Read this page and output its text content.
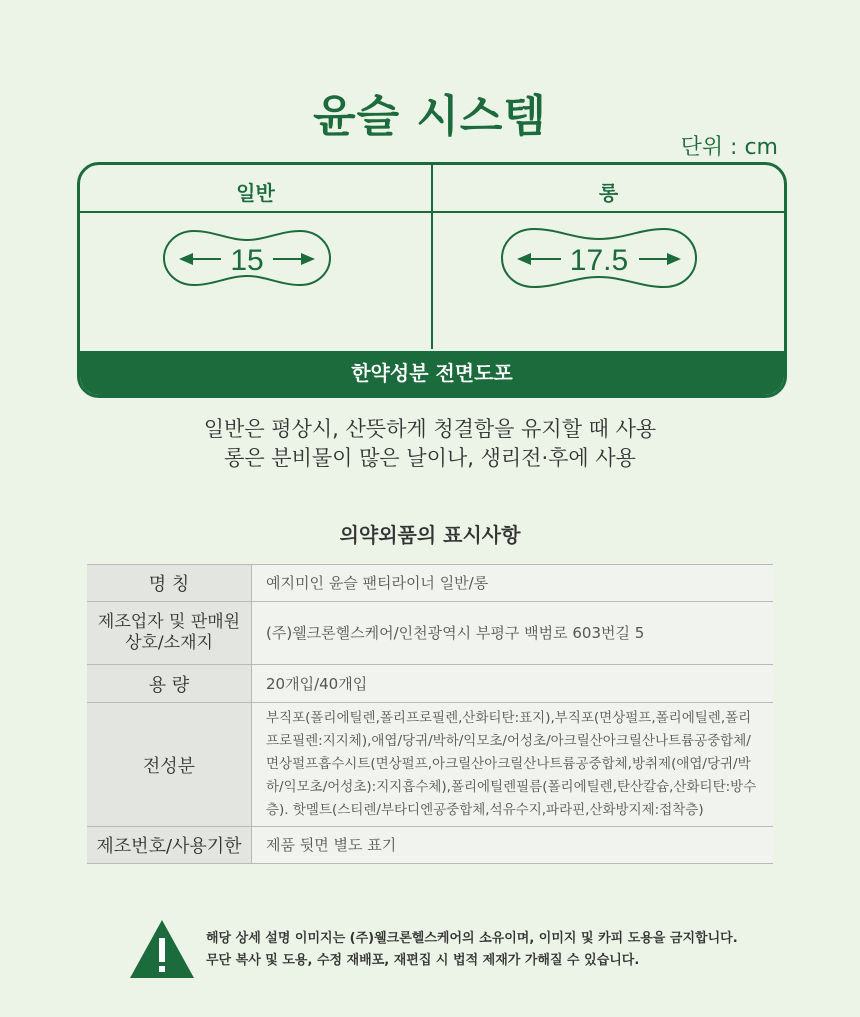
윤슬 시스템
단위 : cm
일반	롱
15	17.5
한약성분 전면도포
일반은 평상시, 산뜻하게 청결함을 유지할 때 사용
롱은 분비물이 많은 날이나, 생리전·후에 사용
의약외품의 표시사항
명 칭	예지미인 윤슬 팬티라이너 일반/롱
제조업자 및 판매원 상호/소재지	(주)웰크론헬스케어/인천광역시 부평구 백범로 603번길 5
용 량	20개입/40개입
전성분	부직포(폴리에틸렌,폴리프로필렌,산화티탄:표지),부직포(면상펄프,폴리에틸렌,폴리프로필렌:지지체),애엽/당귀/박하/익모초/어성초/아크릴산아크릴산나트륨공중합체/면상펄프흡수시트(면상펄프,아크릴산아크릴산나트륨공중합체,방취제(애엽/당귀/박하/익모초/어성초):지지흡수체),폴리에틸렌필름(폴리에틸렌,탄산칼슘,산화티탄:방수층). 핫멜트(스티렌/부타디엔공중합체,석유수지,파라핀,산화방지제:접착층)
제조번호/사용기한	제품 뒷면 별도 표기
해당 상세 설명 이미지는 (주)웰크론헬스케어의 소유이며, 이미지 및 카피 도용을 금지합니다.
무단 복사 및 도용, 수정 재배포, 재편집 시 법적 제재가 가해질 수 있습니다.
